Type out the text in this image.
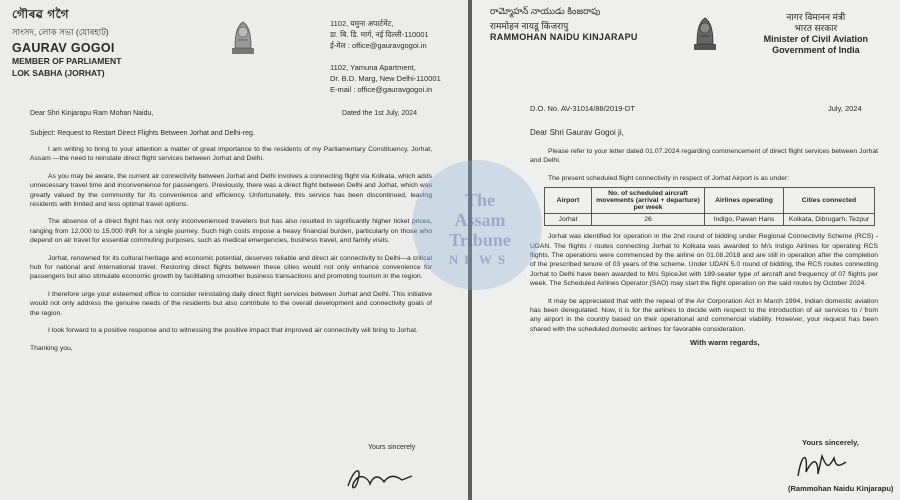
গৌৰৱ গগৈ
সাংসদ, লোক সভা (যোৰহাট)
GAURAV GOGOI
MEMBER OF PARLIAMENT
LOK SABHA (JORHAT)
1102, यमुना अपार्टमेंट,
डा. बि. डि. मार्ग, नई दिल्ली-110001
ई-मेल : office@gauravgogoi.in
1102, Yamuna Apartment,
Dr. B.D. Marg, New Delhi-110001
E-mail : office@gauravgogoi.in
Dear Shri Kinjarapu Ram Mohan Naidu,	Dated the 1st July, 2024
Subject: Request to Restart Direct Flights Between Jorhat and Delhi-reg.

I am writing to bring to your attention a matter of great importance to the residents of my Parliamentary Constituency, Jorhat, Assam —the need to reinstate direct flight services between Jorhat and Delhi.

As you may be aware, the current air connectivity between Jorhat and Delhi involves a connecting flight via Kolkata, which adds unnecessary travel time and inconvenience for passengers. Previously, there was a direct flight between Delhi and Jorhat, which was greatly valued by the community for its convenience and efficiency. Unfortunately, this service has been discontinued, leaving residents with limited and less optimal travel options.

The absence of a direct flight has not only inconvenienced travelers but has also resulted in significantly higher ticket prices, ranging from 12,000 to 15,000 INR for a single journey. Such high costs impose a heavy financial burden, particularly on those who depend on air travel for essential commuting purposes, such as medical emergencies, business travel, and family visits.

Jorhat, renowned for its cultural heritage and economic potential, deserves reliable and direct air connectivity to Delhi—a critical hub for national and international travel. Restoring direct flights between these cities would not only enhance convenience for passengers but also stimulate economic growth by facilitating smoother business transactions and promoting tourism in the region.

I therefore urge your esteemed office to consider reinstating daily direct flight services between Jorhat and Delhi. This initiative would not only address the genuine needs of the residents but also contribute to the overall development and connectivity goals of the region.

I look forward to a positive response and to witnessing the positive impact that improved air connectivity will bring to Jorhat.

Thanking you,

Yours sincerely
రామ్మోహన్ నాయుడు కింజరాపు
राममोहन नायडू किंजरापु
RAMMOHAN NAIDU KINJARAPU
नागर विमानन मंत्री
भारत सरकार
Minister of Civil Aviation
Government of India
D.O. No. AV-31014/88/2019-DT	July, 2024
Dear Shri Gaurav Gogoi ji,

Please refer to your letter dated 01.07.2024 regarding commencement of direct flight services between Jorhat and Delhi.

The present scheduled flight connectivity in respect of Jorhat Airport is as under:

Airport	No. of scheduled aircraft movements (arrival + departure) per week	Airlines operating	Cities connected
Jorhat	26	Indigo, Pawan Hans	Kolkata, Dibrugarh, Tezpur

Jorhat was identified for operation in the 2nd round of bidding under Regional Connectivity Scheme (RCS) - UDAN. The flights / routes connecting Jorhat to Kolkata was awarded to M/s Indigo Airlines for operating RCS flights. The operations were commenced by the airline on 01.08.2018 and are still in operation after the completion of the prescribed tenure of 03 years of the scheme. Under UDAN 5.0 round of bidding, the RCS routes connecting Jorhat to Delhi have been awarded to M/s SpiceJet with 189-seater type of aircraft and frequency of 07 flights per week. The Scheduled Airlines Operator (SAO) may start the flight operation on the said routes by October 2024.

It may be appreciated that with the repeal of the Air Corporation Act in March 1994, Indian domestic aviation has been deregulated. Now, it is for the airlines to decide with respect to the introduction of air services to / from any airport in the country based on their operational and commercial viability. However, your request has been shared with the scheduled domestic airlines for favorable consideration.

With warm regards,
Yours sincerely,
(Rammohan Naidu Kinjarapu)
The
Assam
Tribune
NEWS
